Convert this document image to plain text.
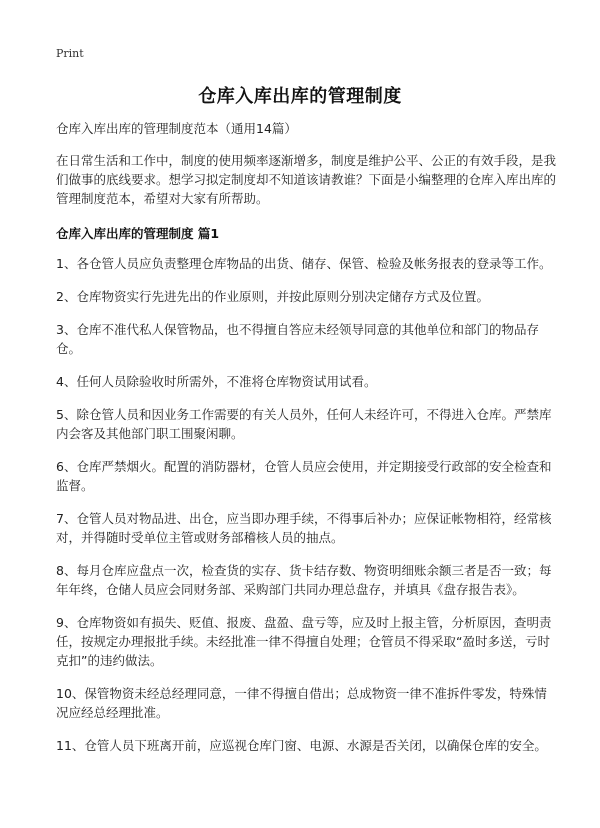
Print
仓库入库出库的管理制度

仓库入库出库的管理制度范本（通用14篇）

在日常生活和工作中，制度的使用频率逐渐增多，制度是维护公平、公正的有效手段，是我们做事的底线要求。想学习拟定制度却不知道该请教谁？下面是小编整理的仓库入库出库的管理制度范本，希望对大家有所帮助。

仓库入库出库的管理制度 篇1

1、各仓管人员应负责整理仓库物品的出货、储存、保管、检验及帐务报表的登录等工作。

2、仓库物资实行先进先出的作业原则，并按此原则分别决定储存方式及位置。

3、仓库不准代私人保管物品，也不得擅自答应未经领导同意的其他单位和部门的物品存仓。

4、任何人员除验收时所需外，不准将仓库物资试用试看。

5、除仓管人员和因业务工作需要的有关人员外，任何人未经许可，不得进入仓库。严禁库内会客及其他部门职工围聚闲聊。

6、仓库严禁烟火。配置的消防器材，仓管人员应会使用，并定期接受行政部的安全检查和监督。

7、仓管人员对物品进、出仓，应当即办理手续，不得事后补办；应保证帐物相符，经常核对，并得随时受单位主管或财务部稽核人员的抽点。

8、每月仓库应盘点一次，检查货的实存、货卡结存数、物资明细账余额三者是否一致；每年年终，仓储人员应会同财务部、采购部门共同办理总盘存，并填具《盘存报告表》。

9、仓库物资如有损失、贬值、报废、盘盈、盘亏等，应及时上报主管，分析原因，查明责任，按规定办理报批手续。未经批准一律不得擅自处理；仓管员不得采取“盈时多送，亏时克扣”的违约做法。

10、保管物资未经总经理同意，一律不得擅自借出；总成物资一律不准拆件零发，特殊情况应经总经理批准。

11、仓管人员下班离开前，应巡视仓库门窗、电源、水源是否关闭，以确保仓库的安全。
